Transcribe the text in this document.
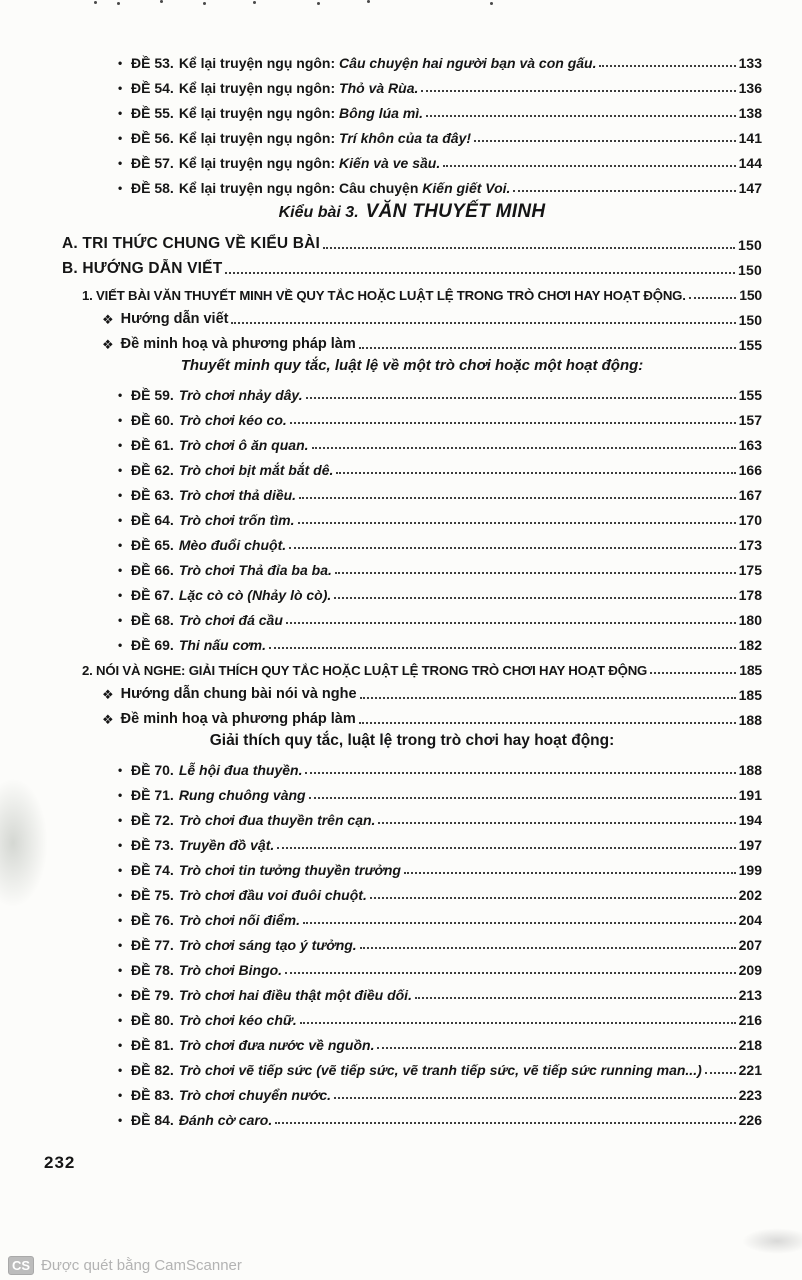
• ĐỀ 53. Kể lại truyện ngụ ngôn: Câu chuyện hai người bạn và con gấu.	133
• ĐỀ 54. Kể lại truyện ngụ ngôn: Thỏ và Rùa.	136
• ĐỀ 55. Kể lại truyện ngụ ngôn: Bông lúa mì.	138
• ĐỀ 56. Kể lại truyện ngụ ngôn: Trí khôn của ta đây!	141
• ĐỀ 57. Kể lại truyện ngụ ngôn: Kiến và ve sầu.	144
• ĐỀ 58. Kể lại truyện ngụ ngôn: Câu chuyện Kiến giết Voi.	147
Kiểu bài 3. VĂN THUYẾT MINH
A. TRI THỨC CHUNG VỀ KIỂU BÀI	150
B. HƯỚNG DẪN VIẾT	150
1. VIẾT BÀI VĂN THUYẾT MINH VỀ QUY TẮC HOẶC LUẬT LỆ TRONG TRÒ CHƠI HAY HOẠT ĐỘNG.	150
❖ Hướng dẫn viết	150
❖ Đề minh hoạ và phương pháp làm	155
Thuyết minh quy tắc, luật lệ về một trò chơi hoặc một hoạt động:
• ĐỀ 59. Trò chơi nhảy dây.	155
• ĐỀ 60. Trò chơi kéo co.	157
• ĐỀ 61. Trò chơi ô ăn quan.	163
• ĐỀ 62. Trò chơi bịt mắt bắt dê.	166
• ĐỀ 63. Trò chơi thả diều.	167
• ĐỀ 64. Trò chơi trốn tìm.	170
• ĐỀ 65. Mèo đuổi chuột.	173
• ĐỀ 66. Trò chơi Thả đỉa ba ba.	175
• ĐỀ 67. Lặc cò cò (Nhảy lò cò).	178
• ĐỀ 68. Trò chơi đá cầu	180
• ĐỀ 69. Thi nấu cơm.	182
2. NÓI VÀ NGHE: GIẢI THÍCH QUY TẮC HOẶC LUẬT LỆ TRONG TRÒ CHƠI HAY HOẠT ĐỘNG	185
❖ Hướng dẫn chung bài nói và nghe	185
❖ Đề minh hoạ và phương pháp làm	188
Giải thích quy tắc, luật lệ trong trò chơi hay hoạt động:
• ĐỀ 70. Lễ hội đua thuyền.	188
• ĐỀ 71. Rung chuông vàng	191
• ĐỀ 72. Trò chơi đua thuyền trên cạn.	194
• ĐỀ 73. Truyền đồ vật.	197
• ĐỀ 74. Trò chơi tin tưởng thuyền trưởng	199
• ĐỀ 75. Trò chơi đầu voi đuôi chuột.	202
• ĐỀ 76. Trò chơi nối điểm.	204
• ĐỀ 77. Trò chơi sáng tạo ý tưởng.	207
• ĐỀ 78. Trò chơi Bingo.	209
• ĐỀ 79. Trò chơi hai điều thật một điều dối.	213
• ĐỀ 80. Trò chơi kéo chữ.	216
• ĐỀ 81. Trò chơi đưa nước về nguồn.	218
• ĐỀ 82. Trò chơi vẽ tiếp sức (vẽ tiếp sức, vẽ tranh tiếp sức, vẽ tiếp sức running man...)	221
• ĐỀ 83. Trò chơi chuyển nước.	223
• ĐỀ 84. Đánh cờ caro.	226
232
CS Được quét bằng CamScanner
